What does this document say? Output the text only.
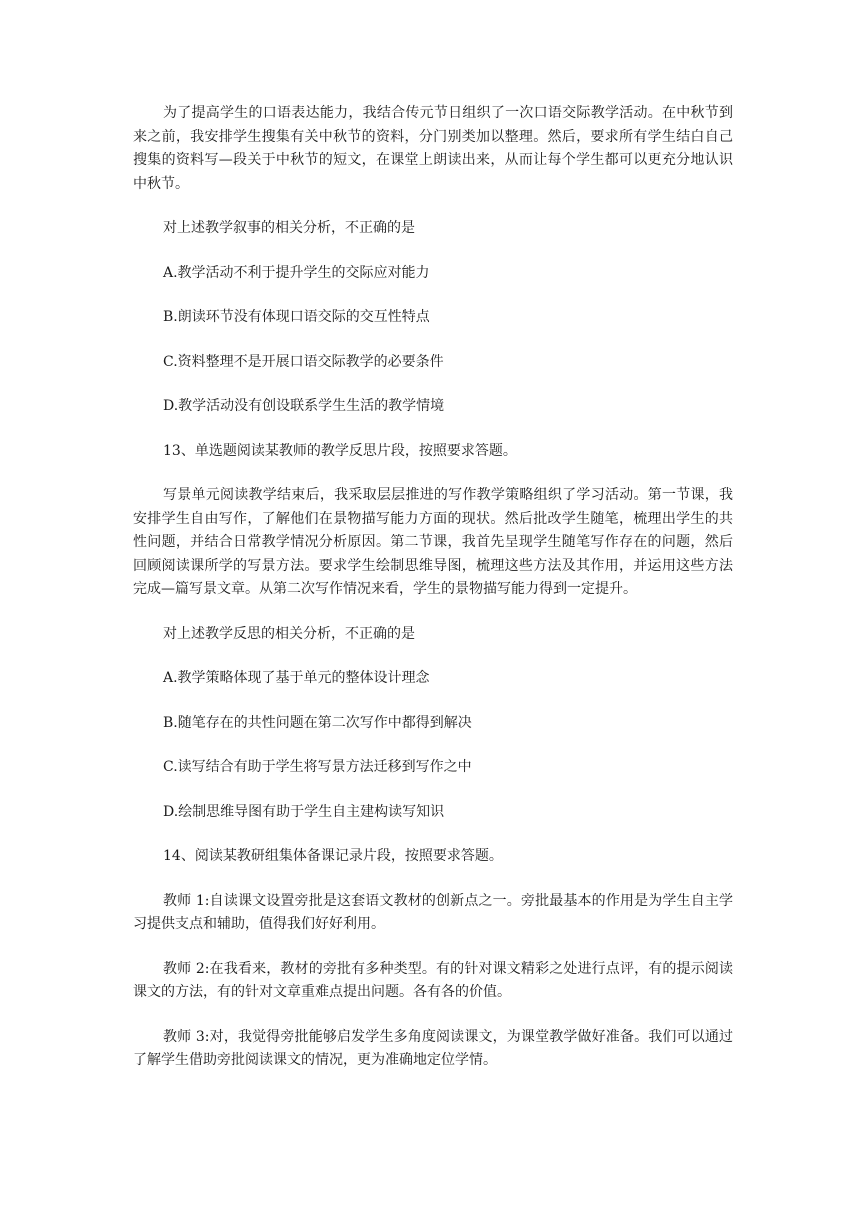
为了提高学生的口语表达能力，我结合传元节日组织了一次口语交际教学活动。在中秋节到来之前，我安排学生搜集有关中秋节的资料，分门别类加以整理。然后，要求所有学生结白自己搜集的资料写—段关于中秋节的短文，在课堂上朗读出来，从而让每个学生都可以更充分地认识中秋节。

对上述教学叙事的相关分析，不正确的是

A.教学活动不利于提升学生的交际应对能力

B.朗读环节没有体现口语交际的交互性特点

C.资料整理不是开展口语交际教学的必要条件

D.教学活动没有创设联系学生生活的教学情境

13、单选题阅读某教师的教学反思片段，按照要求答题。

写景单元阅读教学结束后，我采取层层推进的写作教学策略组织了学习活动。第一节课，我安排学生自由写作，了解他们在景物描写能力方面的现状。然后批改学生随笔，梳理出学生的共性问题，并结合日常教学情况分析原因。第二节课，我首先呈现学生随笔写作存在的问题，然后回顾阅读课所学的写景方法。要求学生绘制思维导图，梳理这些方法及其作用，并运用这些方法完成—篇写景文章。从第二次写作情况来看，学生的景物描写能力得到一定提升。

对上述教学反思的相关分析，不正确的是

A.教学策略体现了基于单元的整体设计理念

B.随笔存在的共性问题在第二次写作中都得到解决

C.读写结合有助于学生将写景方法迁移到写作之中

D.绘制思维导图有助于学生自主建构读写知识

14、阅读某教研组集体备课记录片段，按照要求答题。

教师 1:自读课文设置旁批是这套语文教材的创新点之一。旁批最基本的作用是为学生自主学习提供支点和辅助，值得我们好好利用。

教师 2:在我看来，教材的旁批有多种类型。有的针对课文精彩之处进行点评，有的提示阅读课文的方法，有的针对文章重难点提出问题。各有各的价值。

教师 3:对，我觉得旁批能够启发学生多角度阅读课文，为课堂教学做好准备。我们可以通过了解学生借助旁批阅读课文的情况，更为准确地定位学情。
